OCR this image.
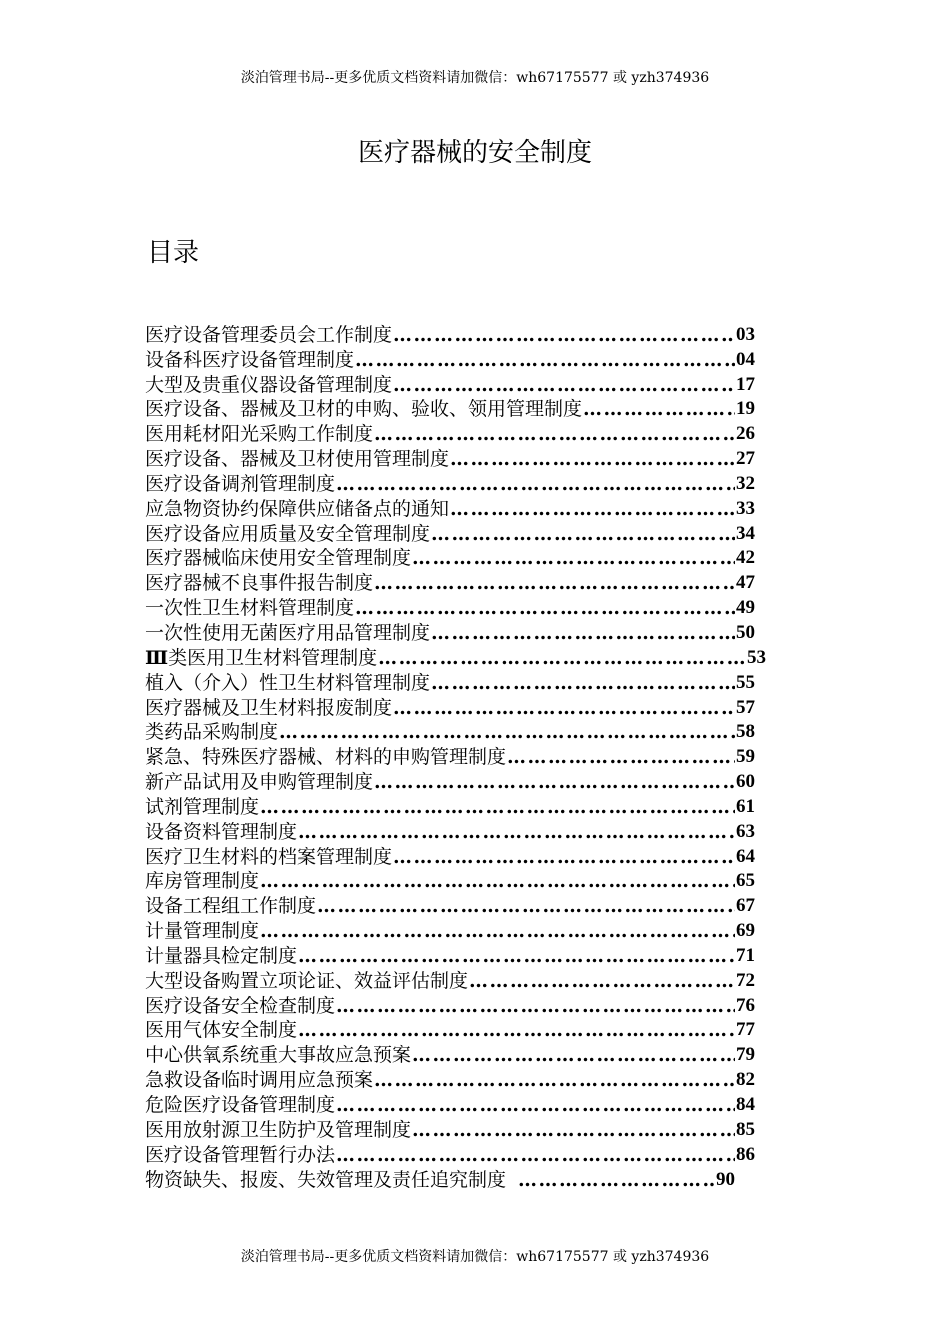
淡泊管理书局--更多优质文档资料请加微信：wh67175577 或 yzh374936
医疗器械的安全制度
目录
医疗设备管理委员会工作制度 ………………………………………………………………………………………………	03
设备科医疗设备管理制度 ………………………………………………………………………………………………	04
大型及贵重仪器设备管理制度 ………………………………………………………………………………………………	17
医疗设备、器械及卫材的申购、验收、领用管理制度 ………………………………………………………………………………………………	19
医用耗材阳光采购工作制度 ………………………………………………………………………………………………	26
医疗设备、器械及卫材使用管理制度 ………………………………………………………………………………………………	27
医疗设备调剂管理制度 ………………………………………………………………………………………………	32
应急物资协约保障供应储备点的通知 ………………………………………………………………………………………………	33
医疗设备应用质量及安全管理制度 ………………………………………………………………………………………………	34
医疗器械临床使用安全管理制度 ………………………………………………………………………………………………	42
医疗器械不良事件报告制度 ………………………………………………………………………………………………	47
一次性卫生材料管理制度 ………………………………………………………………………………………………	49
一次性使用无菌医疗用品管理制度 ………………………………………………………………………………………………	50
Ⅲ类医用卫生材料管理制度 ………………………………………………………………………………………………	53
植入（介入）性卫生材料管理制度 ………………………………………………………………………………………………	55
医疗器械及卫生材料报废制度 ………………………………………………………………………………………………	57
类药品采购制度 ………………………………………………………………………………………………	58
紧急、特殊医疗器械、材料的申购管理制度 ………………………………………………………………………………………………	59
新产品试用及申购管理制度 ………………………………………………………………………………………………	60
试剂管理制度 ………………………………………………………………………………………………	61
设备资料管理制度 ………………………………………………………………………………………………	63
医疗卫生材料的档案管理制度 ………………………………………………………………………………………………	64
库房管理制度 ………………………………………………………………………………………………	65
设备工程组工作制度 ………………………………………………………………………………………………	67
计量管理制度 ………………………………………………………………………………………………	69
计量器具检定制度 ………………………………………………………………………………………………	71
大型设备购置立项论证、效益评估制度 ………………………………………………………………………………………………	72
医疗设备安全检查制度 ………………………………………………………………………………………………	76
医用气体安全制度 ………………………………………………………………………………………………	77
中心供氧系统重大事故应急预案 ………………………………………………………………………………………………	79
急救设备临时调用应急预案 ………………………………………………………………………………………………	82
危险医疗设备管理制度 ………………………………………………………………………………………………	84
医用放射源卫生防护及管理制度 ………………………………………………………………………………………………	85
医疗设备管理暂行办法 ………………………………………………………………………………………………	86
物资缺失、报废、失效管理及责任追究制度 ………………………………………………………………………………………………	90
淡泊管理书局--更多优质文档资料请加微信：wh67175577 或 yzh374936
